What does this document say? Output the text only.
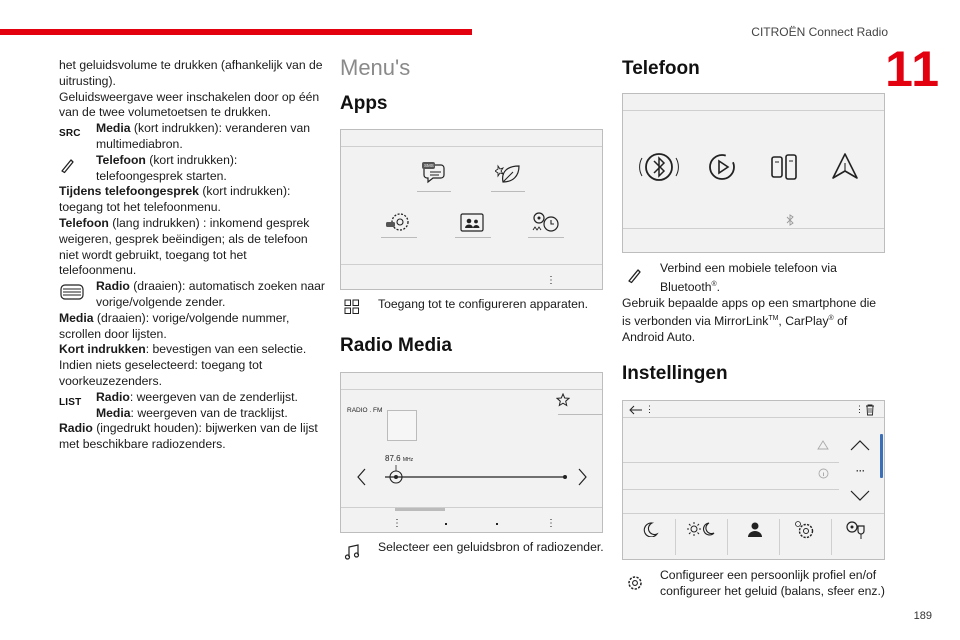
CITROËN Connect Radio
11
189

het geluidsvolume te drukken (afhankelijk van de uitrusting).

Geluidsweergave weer inschakelen door op één van de twee volumetoetsen te drukken.

SRC Media (kort indrukken): veranderen van multimediabron.
Telefoon (kort indrukken): telefoongesprek starten.

Tijdens telefoongesprek (kort indrukken): toegang tot het telefoonmenu.

Telefoon (lang indrukken) : inkomend gesprek weigeren, gesprek beëindigen; als de telefoon niet wordt gebruikt, toegang tot het telefoonmenu.

Radio (draaien): automatisch zoeken naar vorige/volgende zender.

Media (draaien): vorige/volgende nummer, scrollen door lijsten.

Kort indrukken: bevestigen van een selectie. Indien niets geselecteerd: toegang tot voorkeuzezenders.

LIST Radio: weergeven van de zenderlijst.
Media: weergeven van de tracklijst.

Radio (ingedrukt houden): bijwerken van de lijst met beschikbare radiozenders.

Menu's
Apps
⋮
SMS
Toegang tot te configureren apparaten.
Radio Media
RADIO . FM
87.6 MHz
⋮	⋮
Selecteer een geluidsbron of radiozender.
Telefoon
Verbind een mobiele telefoon via Bluetooth®.

Gebruik bepaalde apps op een smartphone die is verbonden via MirrorLink™, CarPlay® of Android Auto.

Instellingen
⋮	⋮
···
Configureer een persoonlijk profiel en/of configureer het geluid (balans, sfeer enz.)
